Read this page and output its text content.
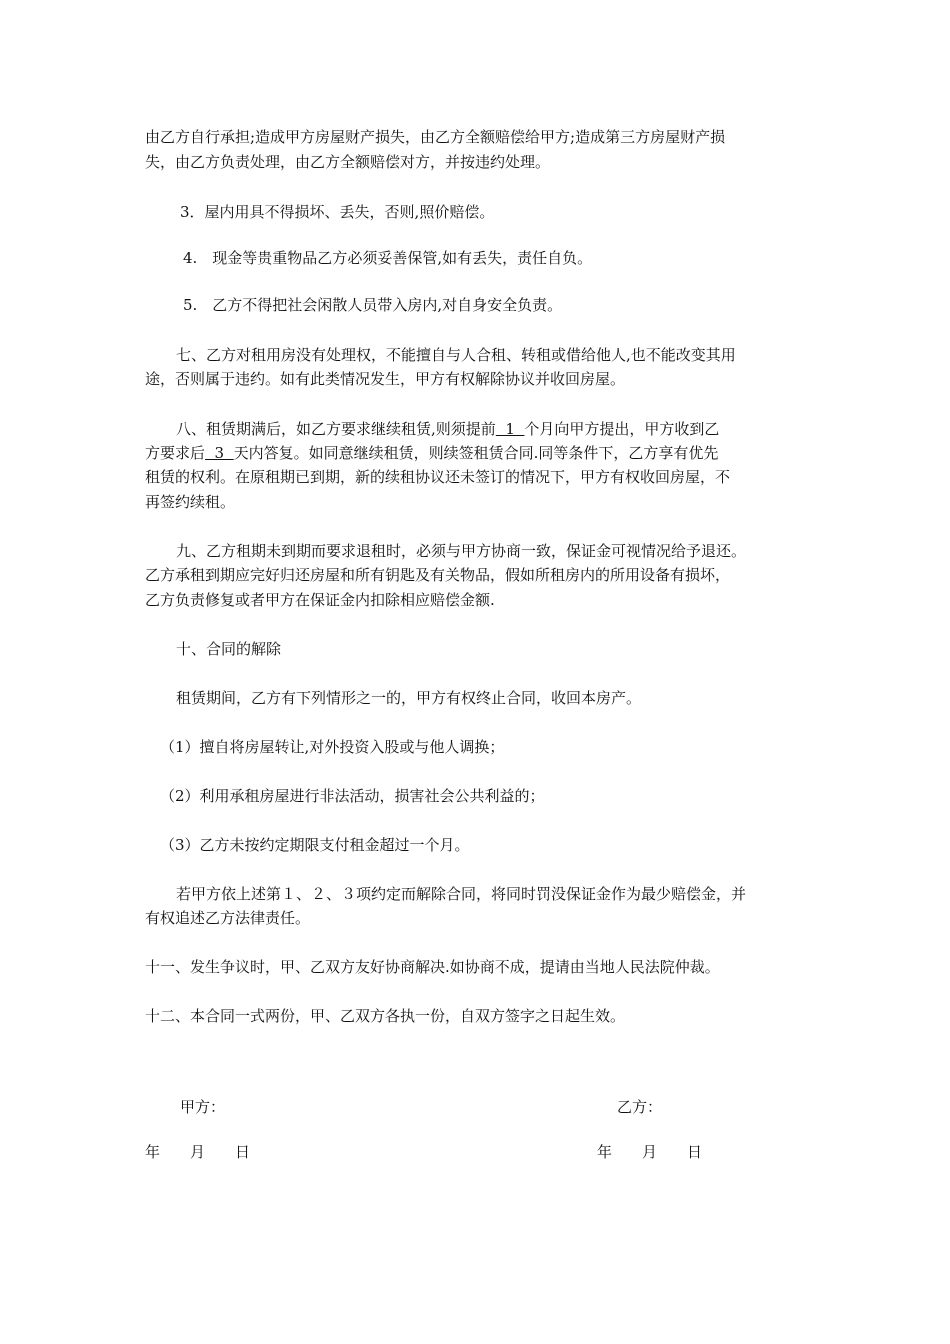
由乙方自行承担;造成甲方房屋财产损失，由乙方全额赔偿给甲方;造成第三方房屋财产损
失，由乙方负责处理，由乙方全额赔偿对方，并按违约处理。
3．屋内用具不得损坏、丢失，否则,照价赔偿。
4.　现金等贵重物品乙方必须妥善保管,如有丢失，责任自负。
5.　乙方不得把社会闲散人员带入房内,对自身安全负责。
七、乙方对租用房没有处理权，不能擅自与人合租、转租或借给他人,也不能改变其用
途，否则属于违约。如有此类情况发生，甲方有权解除协议并收回房屋。
八、租赁期满后，如乙方要求继续租赁,则须提前  1  个月向甲方提出，甲方收到乙
方要求后  3  天内答复。如同意继续租赁，则续签租赁合同.同等条件下，乙方享有优先
租赁的权利。在原租期已到期，新的续租协议还未签订的情况下，甲方有权收回房屋，不
再签约续租。
九、乙方租期未到期而要求退租时，必须与甲方协商一致，保证金可视情况给予退还。
乙方承租到期应完好归还房屋和所有钥匙及有关物品，假如所租房内的所用设备有损坏，
乙方负责修复或者甲方在保证金内扣除相应赔偿金额.
十、合同的解除
租赁期间，乙方有下列情形之一的，甲方有权终止合同，收回本房产。
（1）擅自将房屋转让,对外投资入股或与他人调换；
（2）利用承租房屋进行非法活动，损害社会公共利益的；
（3）乙方未按约定期限支付租金超过一个月。
若甲方依上述第１、２、３项约定而解除合同，将同时罚没保证金作为最少赔偿金，并
有权追述乙方法律责任。
十一、发生争议时，甲、乙双方友好协商解决.如协商不成，提请由当地人民法院仲裁。
十二、本合同一式两份，甲、乙双方各执一份，自双方签字之日起生效。
甲方：	乙方：
年　　月　　日	年　　月　　日
